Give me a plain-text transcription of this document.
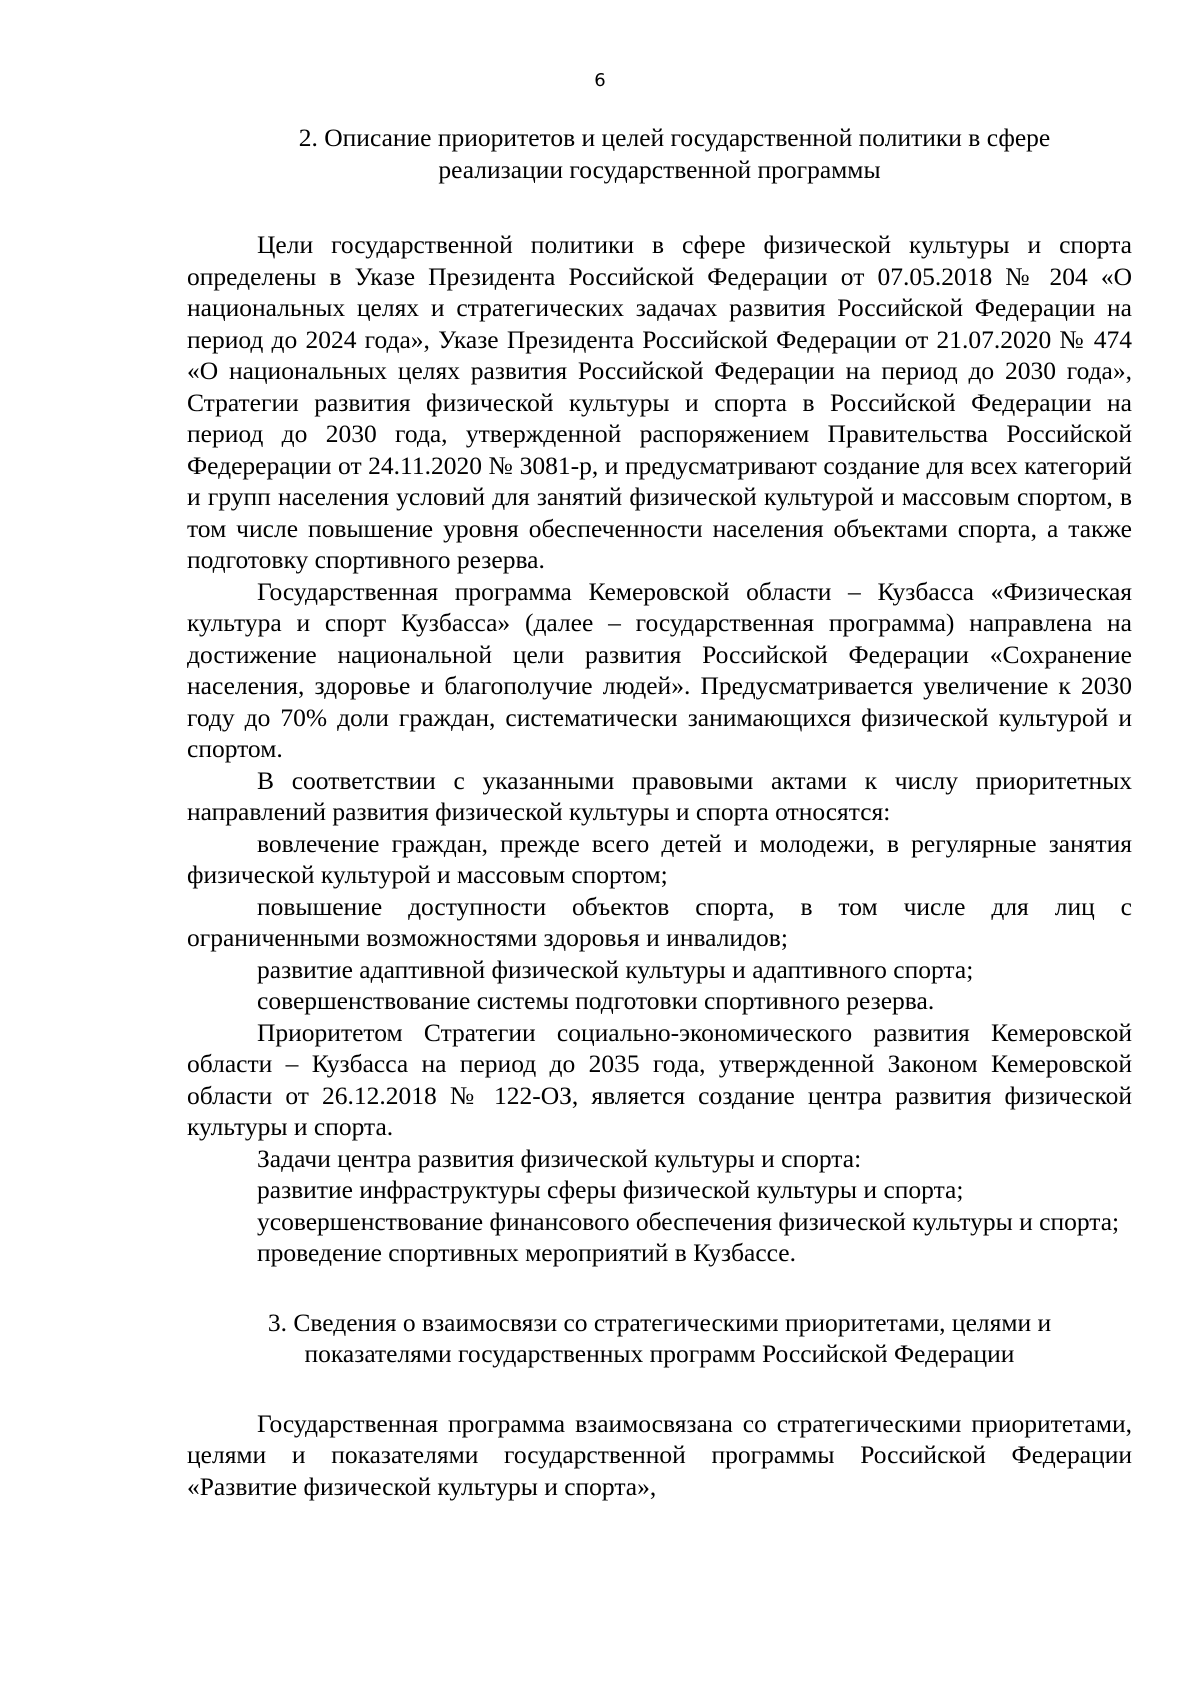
6
2. Описание приоритетов и целей государственной политики в сфере
реализации государственной программы

Цели государственной политики в сфере физической культуры и спорта определены в Указе Президента Российской Федерации от 07.05.2018 № 204 «О национальных целях и стратегических задачах развития Российской Федерации на период до 2024 года», Указе Президента Российской Федерации от 21.07.2020 № 474 «О национальных целях развития Российской Федерации на период до 2030 года», Стратегии развития физической культуры и спорта в Российской Федерации на период до 2030 года, утвержденной распоряжением Правительства Российской Федерерации от 24.11.2020 № 3081-р, и предусматривают создание для всех категорий и групп населения условий для занятий физической культурой и массовым спортом, в том числе повышение уровня обеспеченности населения объектами спорта, а также подготовку спортивного резерва.

Государственная программа Кемеровской области – Кузбасса «Физическая культура и спорт Кузбасса» (далее – государственная программа) направлена на достижение национальной цели развития Российской Федерации «Сохранение населения, здоровье и благополучие людей». Предусматривается увеличение к 2030 году до 70% доли граждан, систематически занимающихся физической культурой и спортом.

В соответствии с указанными правовыми актами к числу приоритетных направлений развития физической культуры и спорта относятся:

вовлечение граждан, прежде всего детей и молодежи, в регулярные занятия физической культурой и массовым спортом;

повышение доступности объектов спорта, в том числе для лиц с ограниченными возможностями здоровья и инвалидов;

развитие адаптивной физической культуры и адаптивного спорта;

совершенствование системы подготовки спортивного резерва.

Приоритетом Стратегии социально-экономического развития Кемеровской области – Кузбасса на период до 2035 года, утвержденной Законом Кемеровской области от 26.12.2018 № 122-ОЗ, является создание центра развития физической культуры и спорта.

Задачи центра развития физической культуры и спорта:

развитие инфраструктуры сферы физической культуры и спорта;

усовершенствование финансового обеспечения физической культуры и спорта;

проведение спортивных мероприятий в Кузбассе.

3. Сведения о взаимосвязи со стратегическими приоритетами, целями и
показателями государственных программ Российской Федерации

Государственная программа взаимосвязана со стратегическими приоритетами, целями и показателями государственной программы Российской Федерации «Развитие физической культуры и спорта»,
